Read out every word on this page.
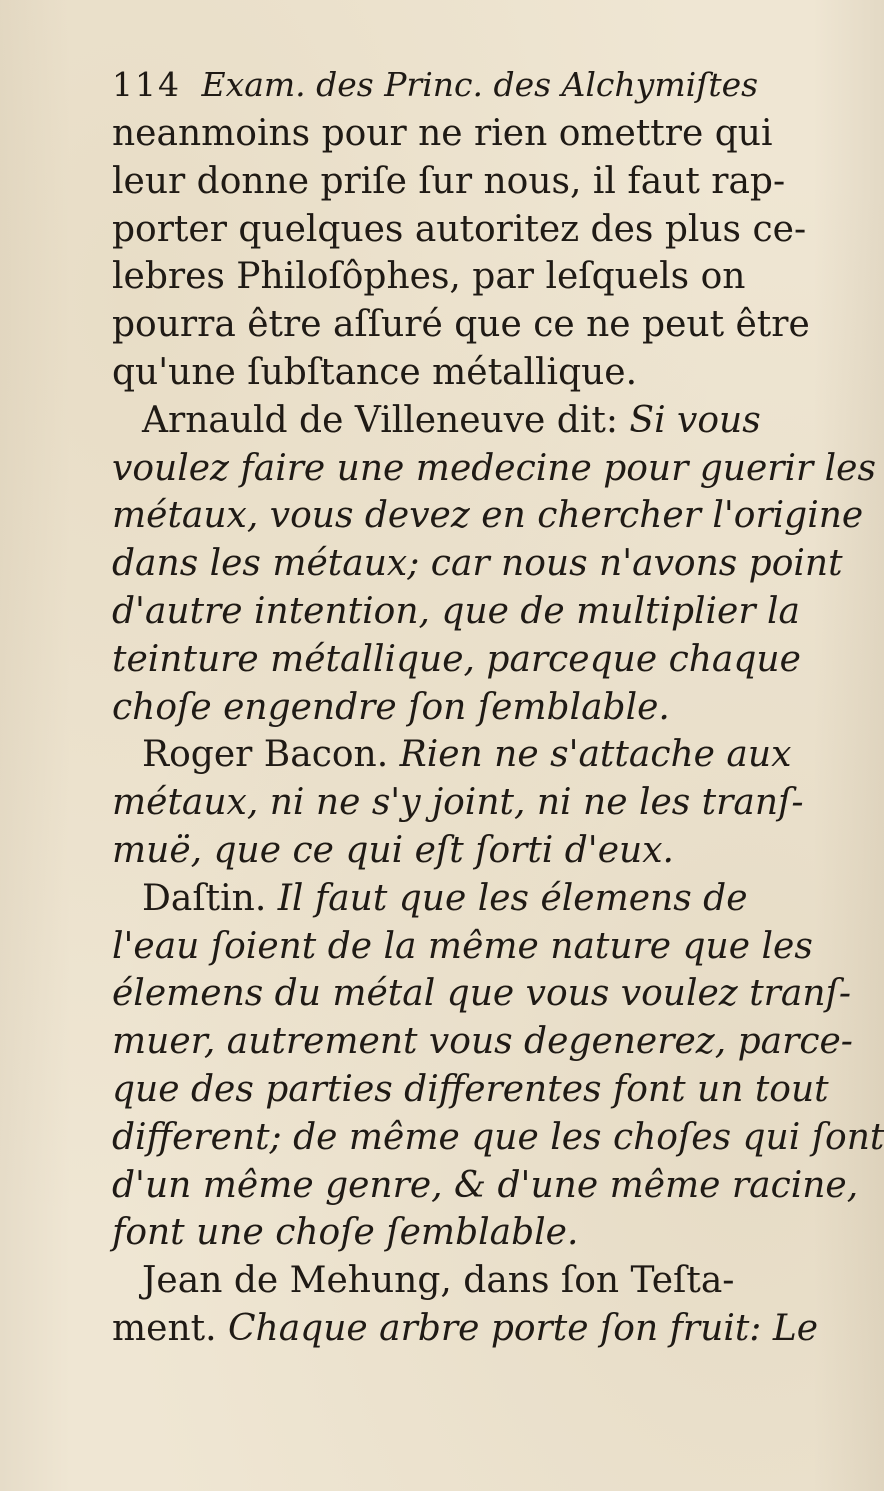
114 Exam. des Princ. des Alchymiſtes
neanmoins pour ne rien omettre qui
leur donne priſe ſur nous, il faut rap-
porter quelques autoritez des plus ce-
lebres Philoſôphes, par leſquels on
pourra être aſſuré que ce ne peut être
qu'une ſubſtance métallique.
Arnauld de Villeneuve dit: Si vous
voulez faire une medecine pour guerir les
métaux, vous devez en chercher l'origine
dans les métaux; car nous n'avons point
d'autre intention, que de multiplier la
teinture métallique, parceque chaque
choſe engendre ſon ſemblable.
Roger Bacon. Rien ne s'attache aux
métaux, ni ne s'y joint, ni ne les tranſ-
muë, que ce qui eſt ſorti d'eux.
Daſtin. Il faut que les élemens de
l'eau ſoient de la même nature que les
élemens du métal que vous voulez tranſ-
muer, autrement vous degenerez, parce-
que des parties differentes font un tout
different; de même que les choſes qui ſont
d'un même genre, & d'une même racine,
font une choſe ſemblable.
Jean de Mehung, dans ſon Teſta-
ment. Chaque arbre porte ſon fruit: Le
